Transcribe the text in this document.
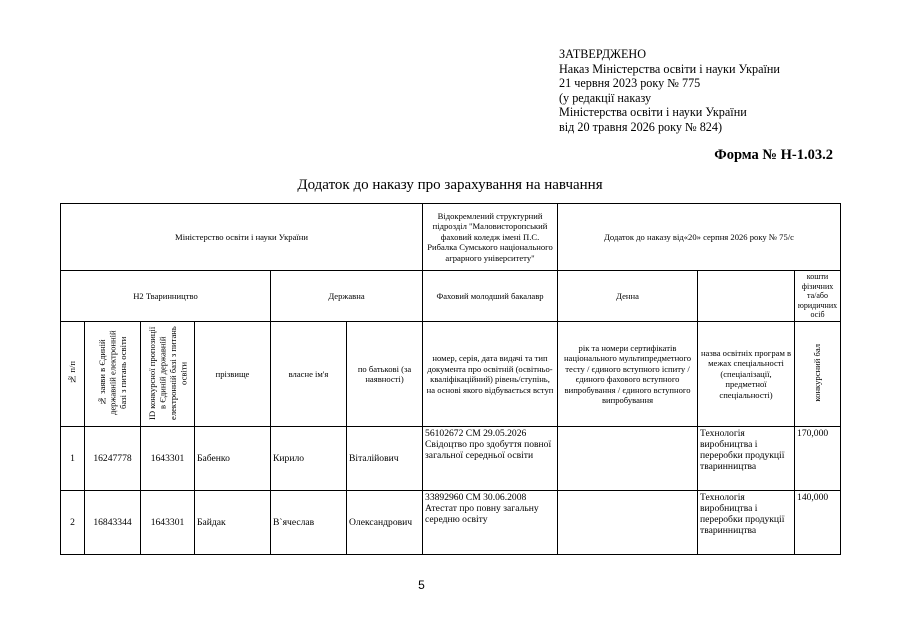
ЗАТВЕРДЖЕНО
Наказ Міністерства освіти і науки України
21 червня 2023 року № 775
(у редакції наказу
Міністерства освіти і науки України
від 20 травня 2026 року № 824)
Форма № Н-1.03.2
Додаток до наказу про зарахування на навчання
Міністерство освіти і науки України						Відокремлений структурний підрозділ "Маловисторопський фаховий коледж імені П.С. Рибалка Сумського національного аграрного університету"	Додаток до наказу від«20» серпня 2026 року № 75/с		
Н2 Тваринництво				Державна		Фаховий молодший бакалавр	Денна		кошти фізичних та/або юридичних осіб
№ п/п	№ заяви в Єдиній державній електронній базі з питань освіти	ID конкурсної пропозиції в Єдиній державній електронній базі з питань освіти	прізвище	власне ім'я	по батькові (за наявності)	номер, серія, дата видачі та тип документа про освітній (освітньо-кваліфікаційний) рівень/ступінь, на основі якого відбувається вступ	рік та номери сертифікатів національного мультипредметного тесту / єдиного вступного іспиту / єдиного фахового вступного випробування / єдиного вступного випробування	назва освітніх програм в межах спеціальності (спеціалізації, предметної спеціальності)	конкурсний бал
1	16247778	1643301	Бабенко	Кирило	Віталійович	56102672 СМ 29.05.2026 Свідоцтво про здобуття повної загальної середньої освіти		Технологія виробництва і переробки продукції тваринництва	170,000
2	16843344	1643301	Байдак	В`ячеслав	Олександрович	33892960 СМ 30.06.2008 Атестат про повну загальну середню освіту		Технологія виробництва і переробки продукції тваринництва	140,000
5
